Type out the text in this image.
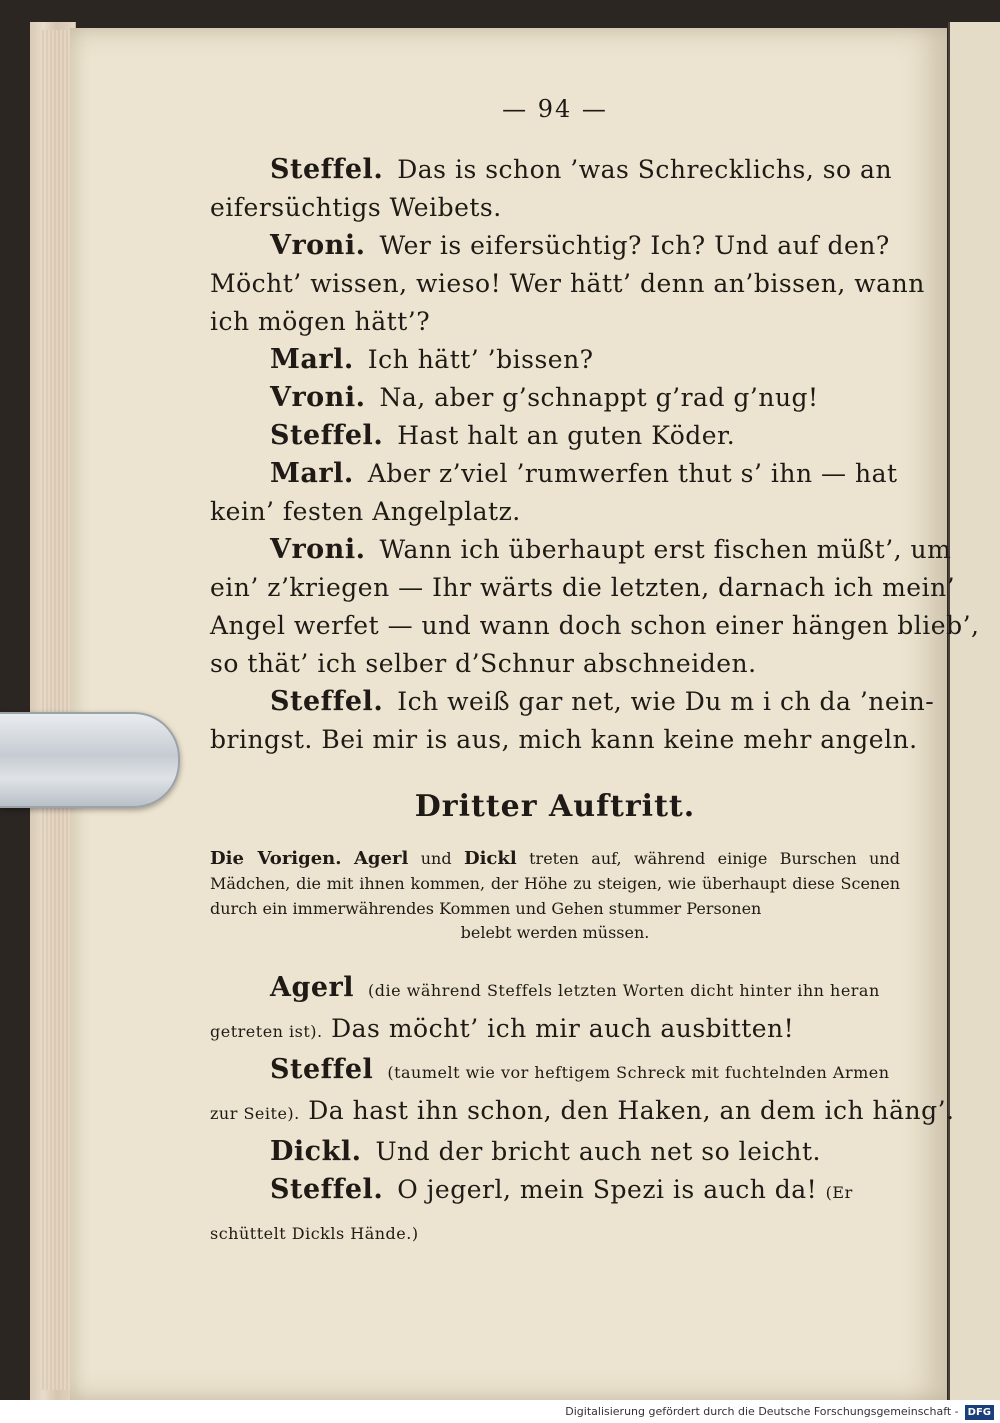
— 94 —
Steffel. Das is schon ’was Schrecklichs, so an
eifersüchtigs Weibets.
Vroni. Wer is eifersüchtig? Ich? Und auf den?
Möcht’ wissen, wieso! Wer hätt’ denn an’bissen, wann
ich mögen hätt’?
Marl. Ich hätt’ ’bissen?
Vroni. Na, aber g’schnappt g’rad g’nug!
Steffel. Hast halt an guten Köder.
Marl. Aber z’viel ’rumwerfen thut s’ ihn — hat
kein’ festen Angelplatz.
Vroni. Wann ich überhaupt erst fischen müßt’, um
ein’ z’kriegen — Ihr wärts die letzten, darnach ich mein’
Angel werfet — und wann doch schon einer hängen blieb’,
so thät’ ich selber d’Schnur abschneiden.
Steffel. Ich weiß gar net, wie Du m i ch da ’nein-
bringst. Bei mir is aus, mich kann keine mehr angeln.
Dritter Auftritt.
Die Vorigen. Agerl und Dickl treten auf, während einige Burschen und Mädchen, die mit ihnen kommen, der Höhe zu steigen, wie überhaupt diese Scenen durch ein immerwährendes Kommen und Gehen stummer Personen
belebt werden müssen.
Agerl (die während Steffels letzten Worten dicht hinter ihn heran
getreten ist). Das möcht’ ich mir auch ausbitten!
Steffel (taumelt wie vor heftigem Schreck mit fuchtelnden Armen
zur Seite). Da hast ihn schon, den Haken, an dem ich häng’.
Dickl. Und der bricht auch net so leicht.
Steffel. O jegerl, mein Spezi is auch da! (Er
schüttelt Dickls Hände.)
Digitalisierung gefördert durch die Deutsche Forschungsgemeinschaft - DFG
